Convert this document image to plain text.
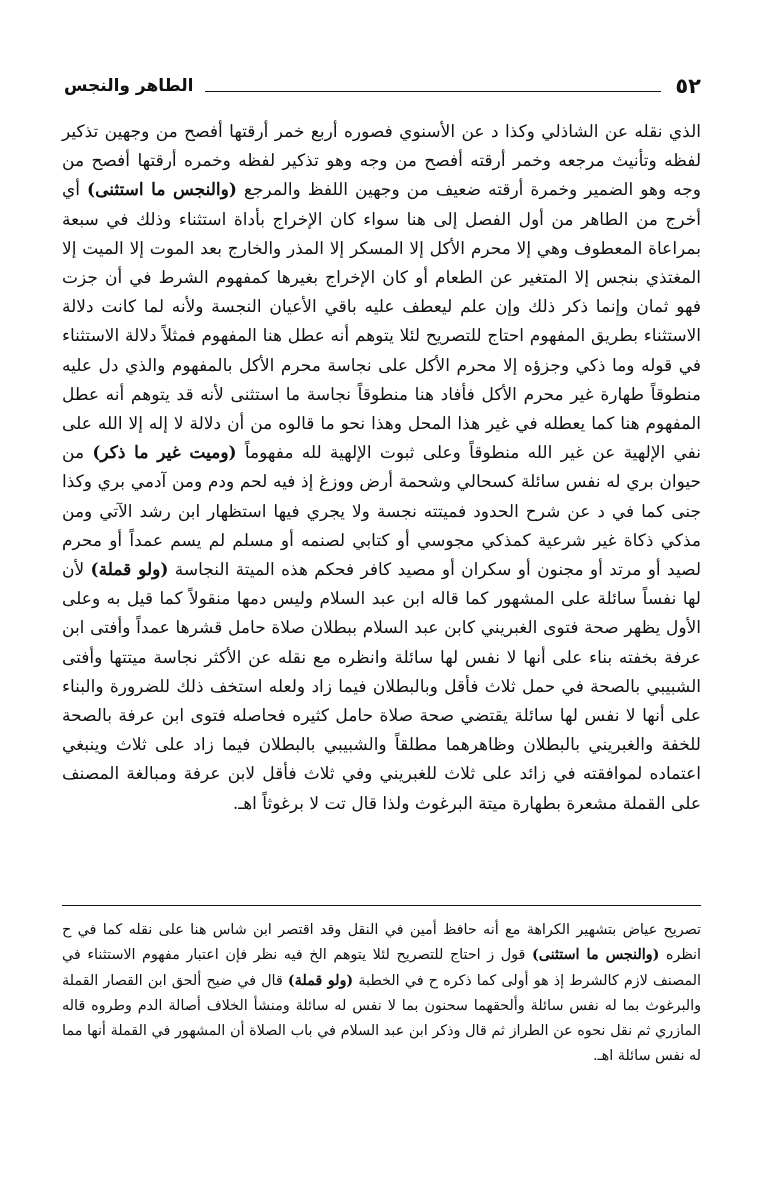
٥٢
الطاهر والنجس

الذي نقله عن الشاذلي وكذا د عن الأسنوي فصوره أربع خمر أرقتها أفصح من وجهين تذكير لفظه وتأنيث مرجعه وخمر أرقته أفصح من وجه وهو تذكير لفظه وخمره أرقتها أفصح من وجه وهو الضمير وخمرة أرقته ضعيف من وجهين اللفظ والمرجع (والنجس ما استثنى) أي أخرج من الطاهر من أول الفصل إلى هنا سواء كان الإخراج بأداة استثناء وذلك في سبعة بمراعاة المعطوف وهي إلا محرم الأكل إلا المسكر إلا المذر والخارج بعد الموت إلا الميت إلا المغتذي بنجس إلا المتغير عن الطعام أو كان الإخراج بغيرها كمفهوم الشرط في أن جزت فهو ثمان وإنما ذكر ذلك وإن علم ليعطف عليه باقي الأعيان النجسة ولأنه لما كانت دلالة الاستثناء بطريق المفهوم احتاج للتصريح لئلا يتوهم أنه عطل هنا المفهوم فمثلاً دلالة الاستثناء في قوله وما ذكي وجزؤه إلا محرم الأكل على نجاسة محرم الأكل بالمفهوم والذي دل عليه منطوقاً طهارة غير محرم الأكل فأفاد هنا منطوقاً نجاسة ما استثنى لأنه قد يتوهم أنه عطل المفهوم هنا كما يعطله في غير هذا المحل وهذا نحو ما قالوه من أن دلالة لا إله إلا الله على نفي الإلهية عن غير الله منطوقاً وعلى ثبوت الإلهية لله مفهوماً (وميت غير ما ذكر) من حيوان بري له نفس سائلة كسحالي وشحمة أرض ووزغ إذ فيه لحم ودم ومن آدمي بري وكذا جنى كما في د عن شرح الحدود فميتته نجسة ولا يجري فيها استظهار ابن رشد الآتي ومن مذكي ذكاة غير شرعية كمذكي مجوسي أو كتابي لصنمه أو مسلم لم يسم عمداً أو محرم لصيد أو مرتد أو مجنون أو سكران أو مصيد كافر فحكم هذه الميتة النجاسة (ولو قملة) لأن لها نفساً سائلة على المشهور كما قاله ابن عبد السلام وليس دمها منقولاً كما قيل به وعلى الأول يظهر صحة فتوى الغبريني كابن عبد السلام ببطلان صلاة حامل قشرها عمداً وأفتى ابن عرفة بخفته بناء على أنها لا نفس لها سائلة وانظره مع نقله عن الأكثر نجاسة ميتتها وأفتى الشبيبي بالصحة في حمل ثلاث فأقل وبالبطلان فيما زاد ولعله استخف ذلك للضرورة والبناء على أنها لا نفس لها سائلة يقتضي صحة صلاة حامل كثيره فحاصله فتوى ابن عرفة بالصحة للخفة والغبريني بالبطلان وظاهرهما مطلقاً والشبيبي بالبطلان فيما زاد على ثلاث وينبغي اعتماده لموافقته في زائد على ثلاث للغبريني وفي ثلاث فأقل لابن عرفة ومبالغة المصنف على القملة مشعرة بطهارة ميتة البرغوث ولذا قال تت لا برغوثاً اهـ.

تصريح عياض بتشهير الكراهة مع أنه حافظ أمين في النقل وقد اقتصر ابن شاس هنا على نقله كما في ح انظره (والنجس ما استثنى) قول ز احتاج للتصريح لئلا يتوهم الخ فيه نظر فإن اعتبار مفهوم الاستثناء في المصنف لازم كالشرط إذ هو أولى كما ذكره ح في الخطبة (ولو قملة) قال في ضيح ألحق ابن القصار القملة والبرغوث بما له نفس سائلة وألحقهما سحنون بما لا نفس له سائلة ومنشأ الخلاف أصالة الدم وطروه قاله المازري ثم نقل نحوه عن الطراز ثم قال وذكر ابن عبد السلام في باب الصلاة أن المشهور في القملة أنها مما له نفس سائلة اهـ.
